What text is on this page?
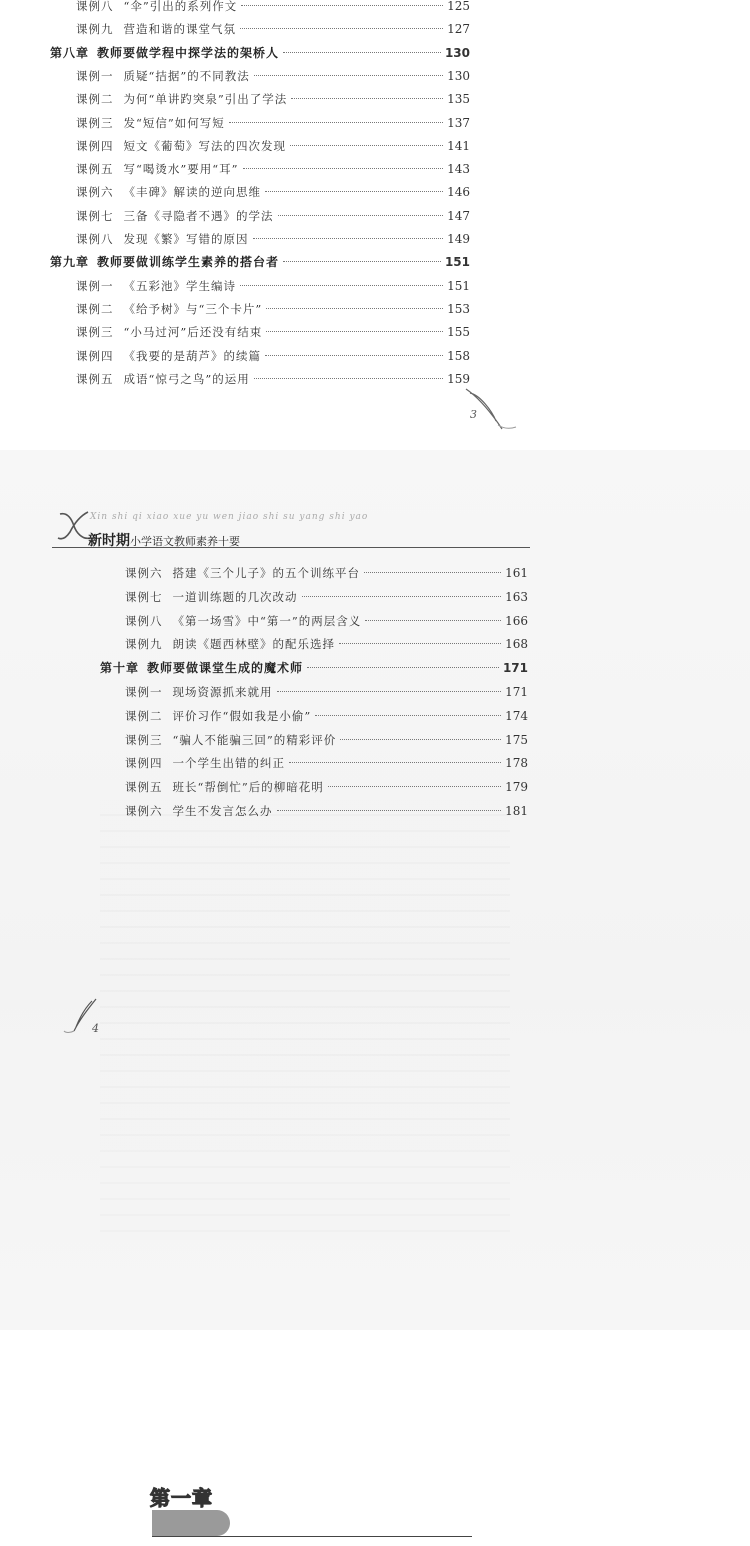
课例八 “伞”引出的系列作文	125
课例九 营造和谐的课堂气氛	127
第八章 教师要做学程中探学法的架桥人	130
课例一 质疑“拮据”的不同教法	130
课例二 为何“单讲趵突泉”引出了学法	135
课例三 发“短信”如何写短	137
课例四 短文《葡萄》写法的四次发现	141
课例五 写“喝烫水”要用“耳”	143
课例六 《丰碑》解读的逆向思维	146
课例七 三备《寻隐者不遇》的学法	147
课例八 发现《繁》写错的原因	149
第九章 教师要做训练学生素养的搭台者	151
课例一 《五彩池》学生编诗	151
课例二 《给予树》与“三个卡片”	153
课例三 “小马过河”后还没有结束	155
课例四 《我要的是葫芦》的续篇	158
课例五 成语“惊弓之鸟”的运用	159
3
Xin shi qi xiao xue yu wen jiao shi su yang shi yao
新时期小学语文教师素养十要
课例六 搭建《三个儿子》的五个训练平台	161
课例七 一道训练题的几次改动	163
课例八 《第一场雪》中“第一”的两层含义	166
课例九 朗读《题西林壁》的配乐选择	168
第十章 教师要做课堂生成的魔术师	171
课例一 现场资源抓来就用	171
课例二 评价习作“假如我是小偷”	174
课例三 “骗人不能骗三回”的精彩评价	175
课例四 一个学生出错的纠正	178
课例五 班长“帮倒忙”后的柳暗花明	179
课例六 学生不发言怎么办	181
4
第一章
